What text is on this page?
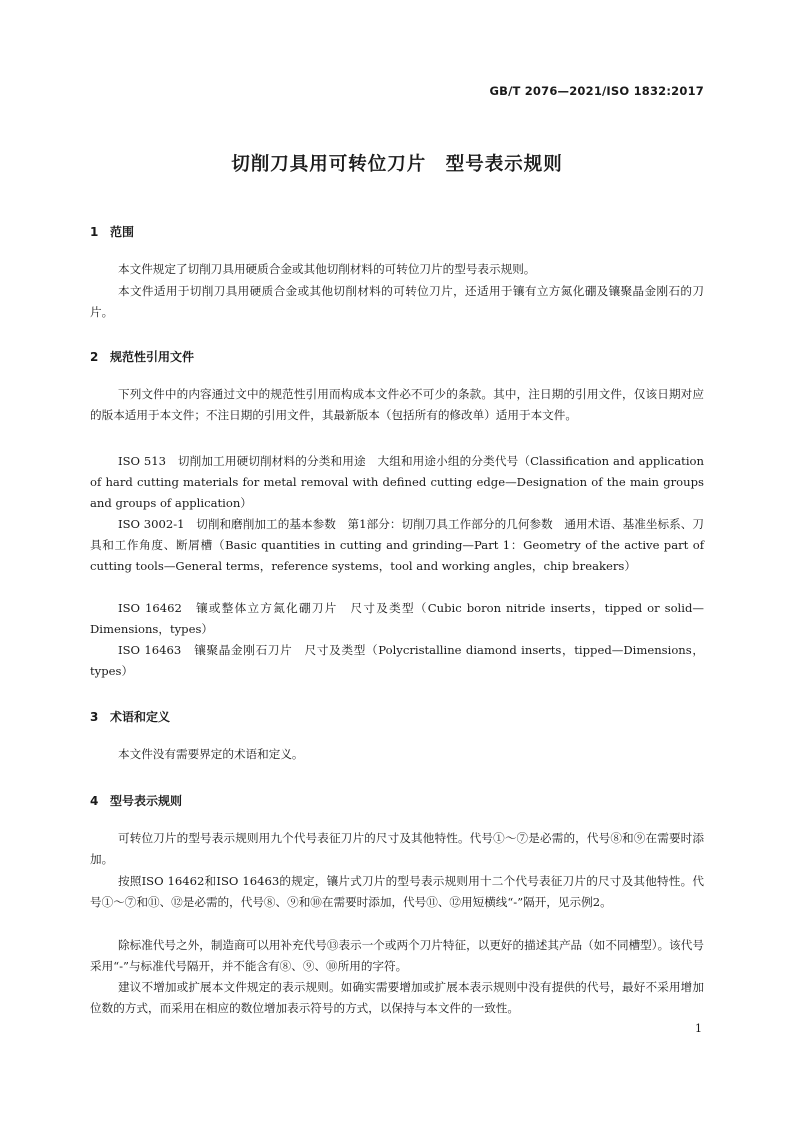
GB/T 2076—2021/ISO 1832:2017
切削刀具用可转位刀片　型号表示规则
1 范围

本文件规定了切削刀具用硬质合金或其他切削材料的可转位刀片的型号表示规则。

本文件适用于切削刀具用硬质合金或其他切削材料的可转位刀片，还适用于镶有立方氮化硼及镶聚晶金刚石的刀片。

2 规范性引用文件

下列文件中的内容通过文中的规范性引用而构成本文件必不可少的条款。其中，注日期的引用文件，仅该日期对应的版本适用于本文件；不注日期的引用文件，其最新版本（包括所有的修改单）适用于本文件。

ISO 513　切削加工用硬切削材料的分类和用途　大组和用途小组的分类代号（Classification and application of hard cutting materials for metal removal with defined cutting edge—Designation of the main groups and groups of application）

ISO 3002-1　切削和磨削加工的基本参数　第1部分：切削刀具工作部分的几何参数　通用术语、基准坐标系、刀具和工作角度、断屑槽（Basic quantities in cutting and grinding—Part 1：Geometry of the active part of cutting tools—General terms，reference systems，tool and working angles，chip breakers）

ISO 16462　镶或整体立方氮化硼刀片　尺寸及类型（Cubic boron nitride inserts，tipped or solid—Dimensions，types）

ISO 16463　镶聚晶金刚石刀片　尺寸及类型（Polycristalline diamond inserts，tipped—Dimensions，types）

3 术语和定义

本文件没有需要界定的术语和定义。

4 型号表示规则

可转位刀片的型号表示规则用九个代号表征刀片的尺寸及其他特性。代号①～⑦是必需的，代号⑧和⑨在需要时添加。

按照ISO 16462和ISO 16463的规定，镶片式刀片的型号表示规则用十二个代号表征刀片的尺寸及其他特性。代号①～⑦和⑪、⑫是必需的，代号⑧、⑨和⑩在需要时添加，代号⑪、⑫用短横线“-”隔开，见示例2。

除标准代号之外，制造商可以用补充代号⑬表示一个或两个刀片特征，以更好的描述其产品（如不同槽型）。该代号采用“-”与标准代号隔开，并不能含有⑧、⑨、⑩所用的字符。

建议不增加或扩展本文件规定的表示规则。如确实需要增加或扩展本表示规则中没有提供的代号，最好不采用增加位数的方式，而采用在相应的数位增加表示符号的方式，以保持与本文件的一致性。

1
